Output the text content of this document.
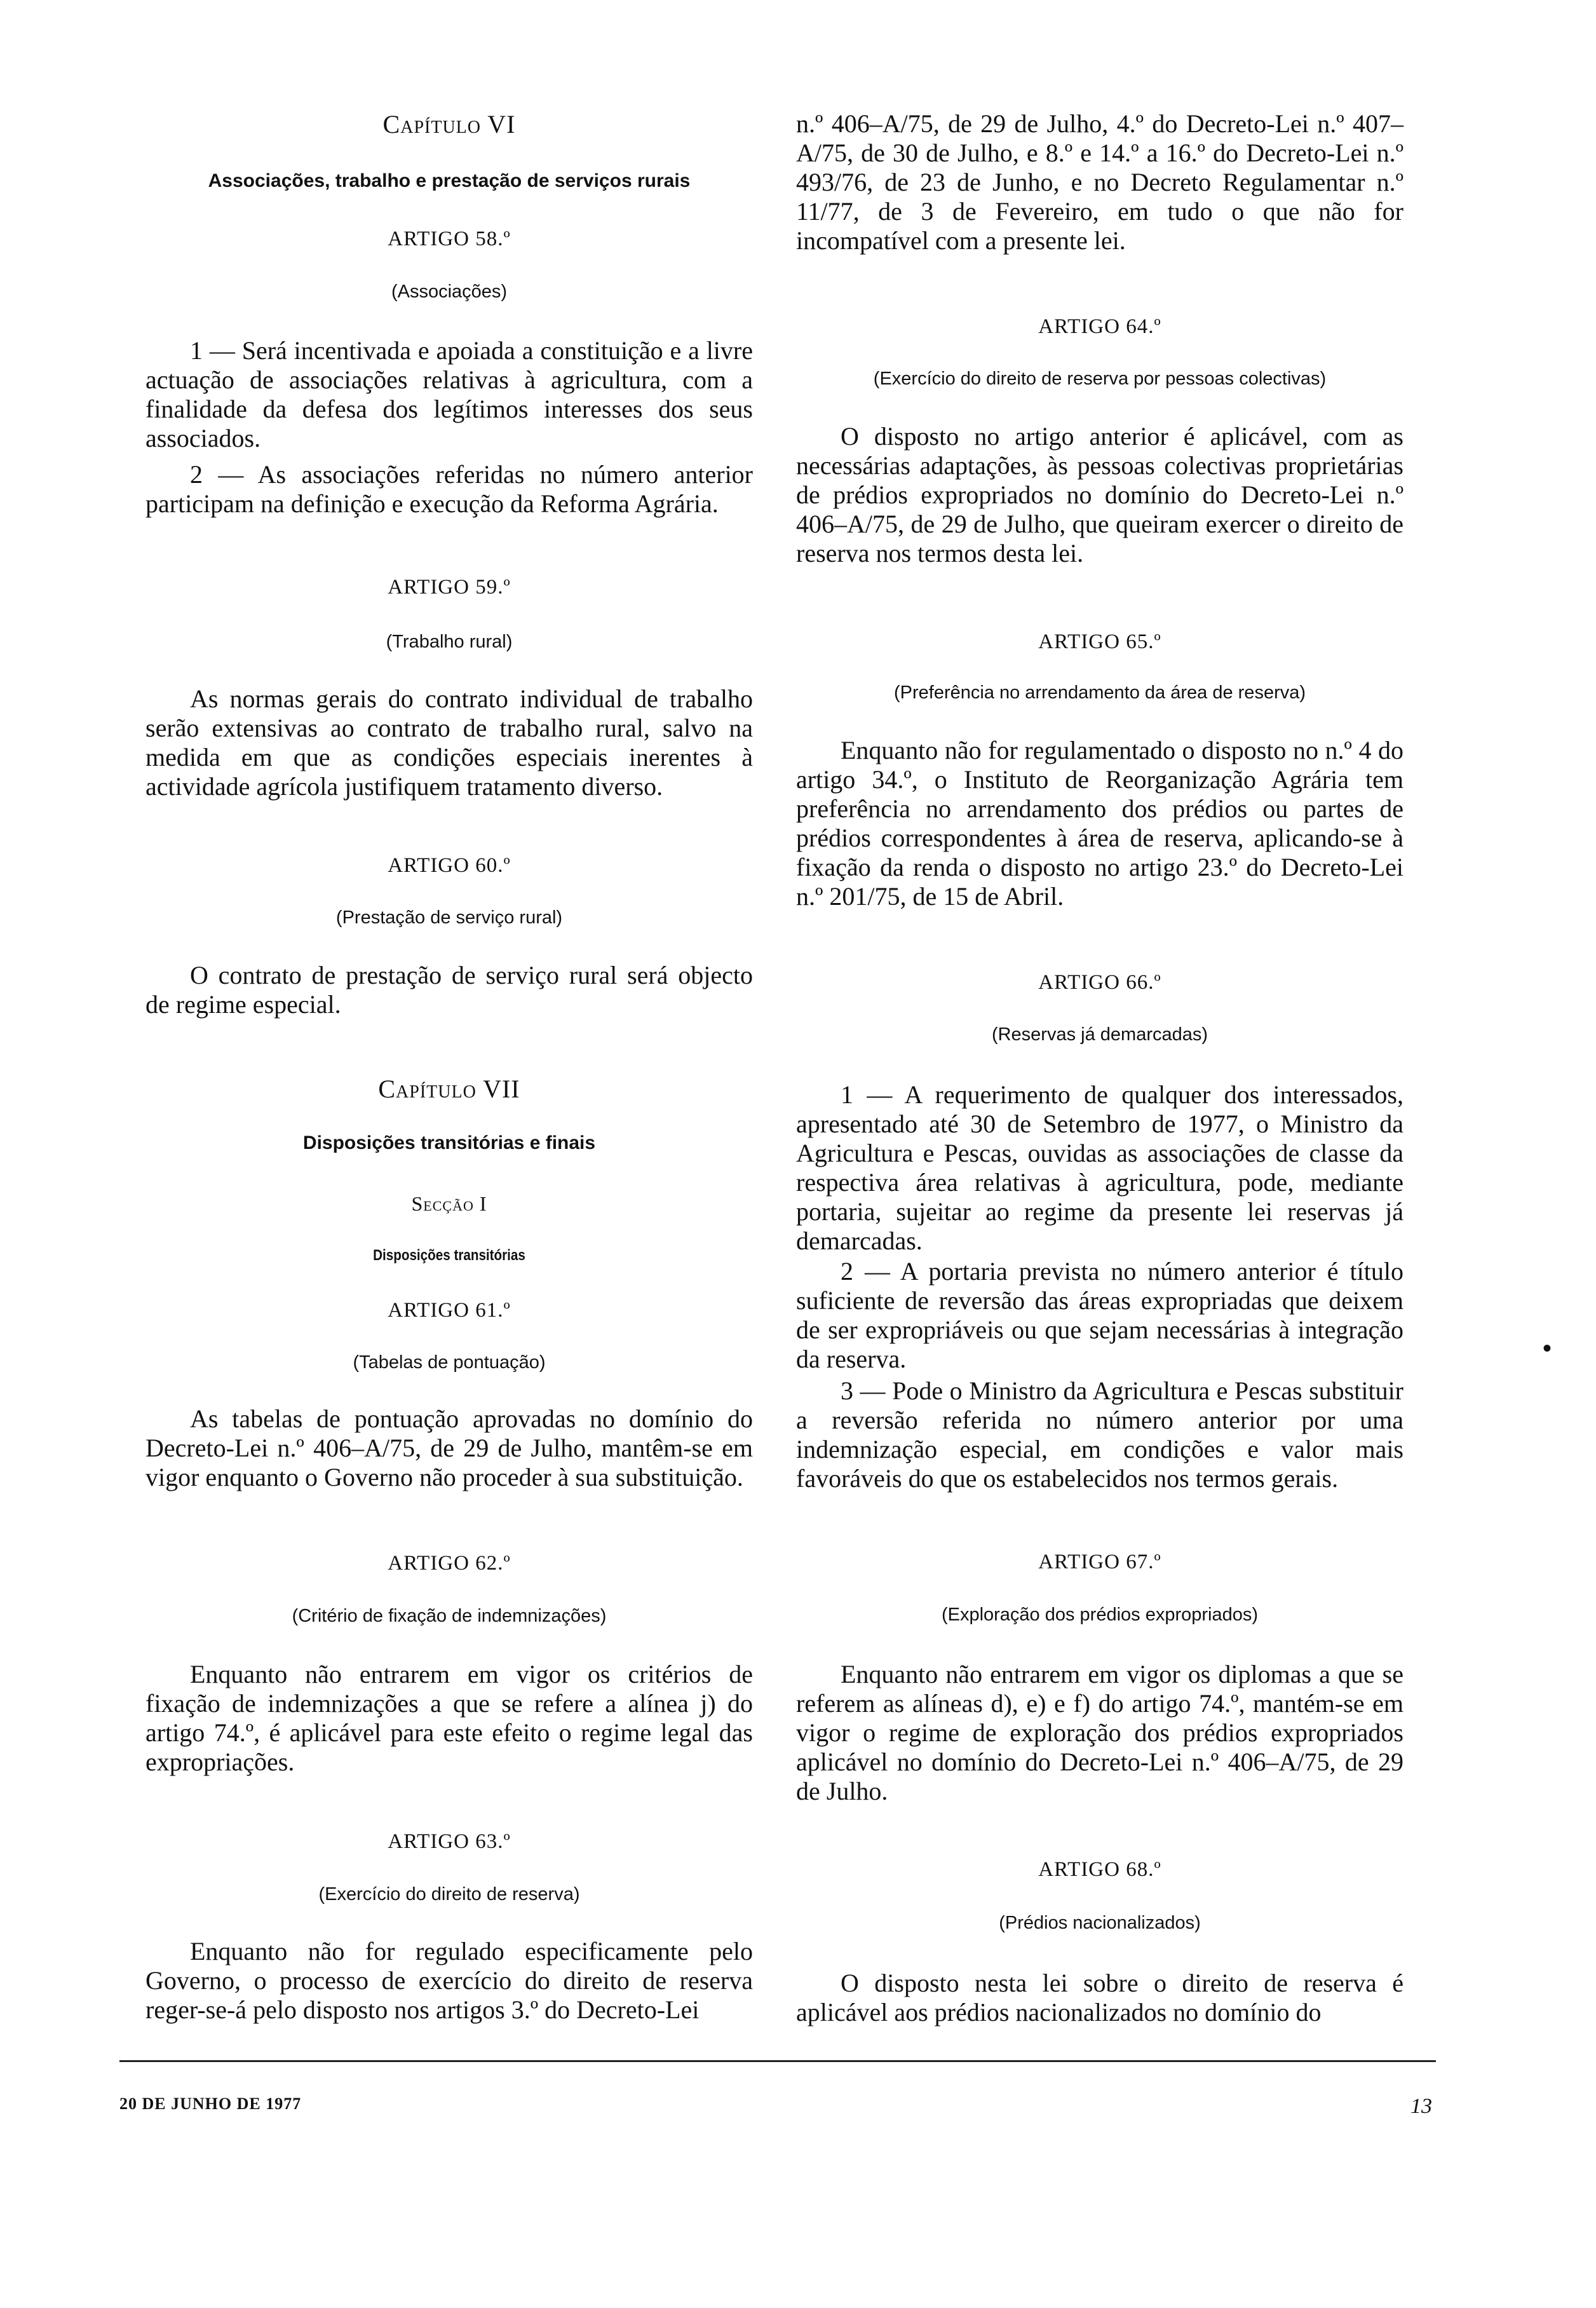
Capítulo VI
Associações, trabalho e prestação de serviços rurais
ARTIGO 58.º
(Associações)

1 — Será incentivada e apoiada a constituição e a livre actuação de associações relativas à agricultura, com a finalidade da defesa dos legítimos interesses dos seus associados.

2 — As associações referidas no número anterior participam na definição e execução da Reforma Agrária.

ARTIGO 59.º
(Trabalho rural)

As normas gerais do contrato individual de trabalho serão extensivas ao contrato de trabalho rural, salvo na medida em que as condições especiais inerentes à actividade agrícola justifiquem tratamento diverso.

ARTIGO 60.º
(Prestação de serviço rural)

O contrato de prestação de serviço rural será objecto de regime especial.

Capítulo VII
Disposições transitórias e finais
Secção I
Disposições transitórias
ARTIGO 61.º
(Tabelas de pontuação)

As tabelas de pontuação aprovadas no domínio do Decreto-Lei n.º 406–A/75, de 29 de Julho, mantêm-se em vigor enquanto o Governo não proceder à sua substituição.

ARTIGO 62.º
(Critério de fixação de indemnizações)

Enquanto não entrarem em vigor os critérios de fixação de indemnizações a que se refere a alínea j) do artigo 74.º, é aplicável para este efeito o regime legal das expropriações.

ARTIGO 63.º
(Exercício do direito de reserva)

Enquanto não for regulado especificamente pelo Governo, o processo de exercício do direito de reserva reger-se-á pelo disposto nos artigos 3.º do Decreto-Lei

n.º 406–A/75, de 29 de Julho, 4.º do Decreto-Lei n.º 407–A/75, de 30 de Julho, e 8.º e 14.º a 16.º do Decreto-Lei n.º 493/76, de 23 de Junho, e no Decreto Regulamentar n.º 11/77, de 3 de Fevereiro, em tudo o que não for incompatível com a presente lei.

ARTIGO 64.º
(Exercício do direito de reserva por pessoas colectivas)

O disposto no artigo anterior é aplicável, com as necessárias adaptações, às pessoas colectivas proprietárias de prédios expropriados no domínio do Decreto-Lei n.º 406–A/75, de 29 de Julho, que queiram exercer o direito de reserva nos termos desta lei.

ARTIGO 65.º
(Preferência no arrendamento da área de reserva)

Enquanto não for regulamentado o disposto no n.º 4 do artigo 34.º, o Instituto de Reorganização Agrária tem preferência no arrendamento dos prédios ou partes de prédios correspondentes à área de reserva, aplicando-se à fixação da renda o disposto no artigo 23.º do Decreto-Lei n.º 201/75, de 15 de Abril.

ARTIGO 66.º
(Reservas já demarcadas)

1 — A requerimento de qualquer dos interessados, apresentado até 30 de Setembro de 1977, o Ministro da Agricultura e Pescas, ouvidas as associações de classe da respectiva área relativas à agricultura, pode, mediante portaria, sujeitar ao regime da presente lei reservas já demarcadas.

2 — A portaria prevista no número anterior é título suficiente de reversão das áreas expropriadas que deixem de ser expropriáveis ou que sejam necessárias à integração da reserva.

3 — Pode o Ministro da Agricultura e Pescas substituir a reversão referida no número anterior por uma indemnização especial, em condições e valor mais favoráveis do que os estabelecidos nos termos gerais.

ARTIGO 67.º
(Exploração dos prédios expropriados)

Enquanto não entrarem em vigor os diplomas a que se referem as alíneas d), e) e f) do artigo 74.º, mantém-se em vigor o regime de exploração dos prédios expropriados aplicável no domínio do Decreto-Lei n.º 406–A/75, de 29 de Julho.

ARTIGO 68.º
(Prédios nacionalizados)

O disposto nesta lei sobre o direito de reserva é aplicável aos prédios nacionalizados no domínio do

•
20 DE JUNHO DE 1977	13
